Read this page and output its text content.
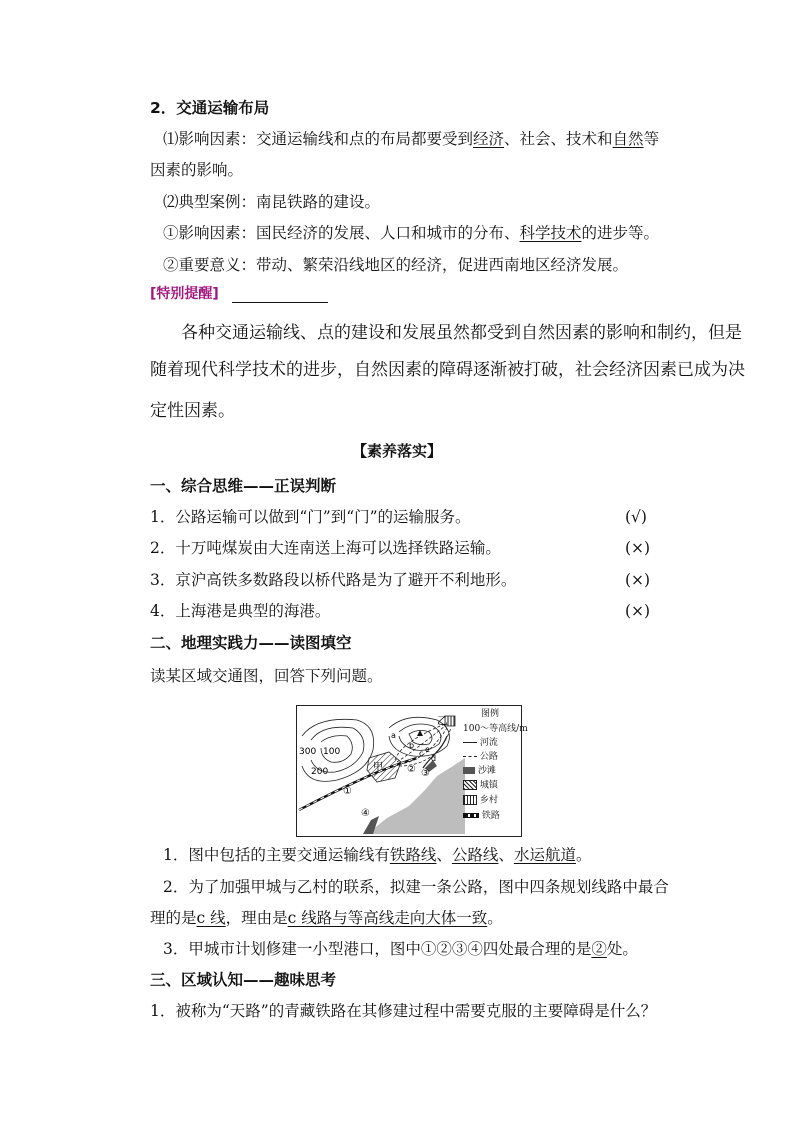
2．交通运输布局
⑴影响因素：交通运输线和点的布局都要受到经济、社会、技术和自然等
因素的影响。
⑵典型案例：南昆铁路的建设。
①影响因素：国民经济的发展、人口和城市的分布、科学技术的进步等。
②重要意义：带动、繁荣沿线地区的经济，促进西南地区经济发展。
[特别提醒]
各种交通运输线、点的建设和发展虽然都受到自然因素的影响和制约，但是
随着现代科学技术的进步，自然因素的障碍逐渐被打破，社会经济因素已成为决
定性因素。
【素养落实】
一、综合思维——正误判断
1．公路运输可以做到“门”到“门”的运输服务。	(√)
2．十万吨煤炭由大连南送上海可以选择铁路运输。	(×)
3．京沪高铁多数路段以桥代路是为了避开不利地形。	(×)
4．上海港是典型的海港。	(×)
二、地理实践力——读图填空
读某区域交通图，回答下列问题。
乙
甲
300 100
200
a
b
c
d
e
①
② ③
④
图例
100～等高线/m
河流
公路
沙滩
城镇
乡村
铁路
1．图中包括的主要交通运输线有铁路线、公路线、水运航道。
2．为了加强甲城与乙村的联系，拟建一条公路，图中四条规划线路中最合
理的是c 线，理由是c 线路与等高线走向大体一致。
3．甲城市计划修建一小型港口，图中①②③④四处最合理的是②处。
三、区域认知——趣味思考
1．被称为“天路”的青藏铁路在其修建过程中需要克服的主要障碍是什么？
